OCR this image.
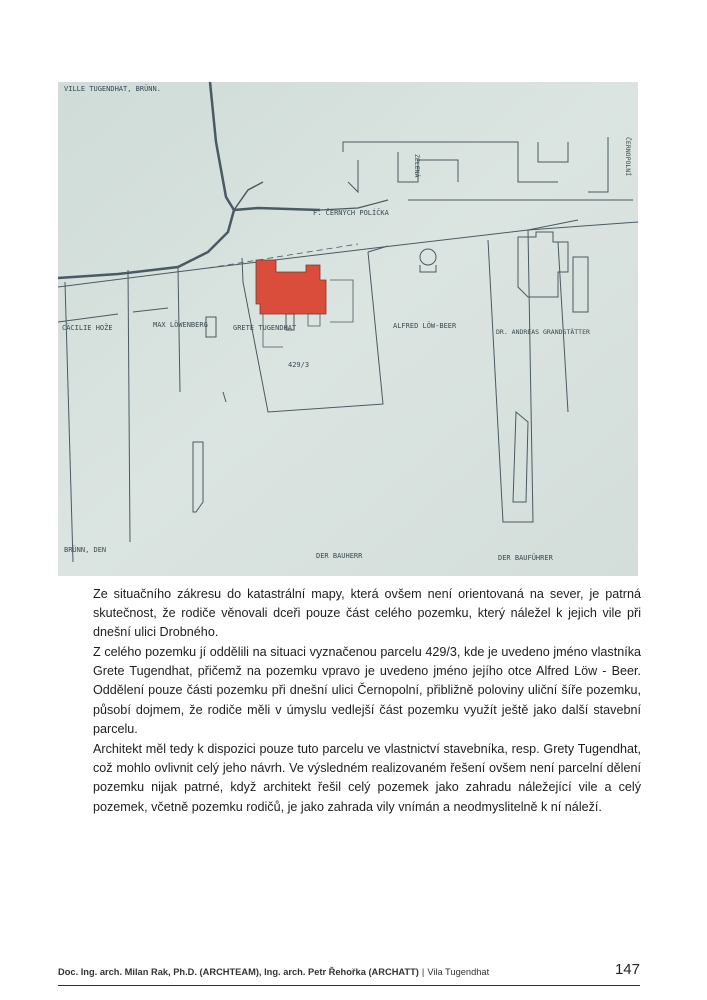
VILLE TUGENDHAT, BRÜNN.
F. ČERNÝCH POLÍČKA
CÄCILIE HOŽE	MAX LÖWENBERG	GRETE TUGENDHAT	ALFRED LÖW-BEER
DR. ANDREAS GRANDSTÄTTER
429/3
BRÜNN, DEN
DER BAUHERR	DER BAUFÜHRER
ČERNOPOLNÍ
ZELENÁ

Ze situačního zákresu do katastrální mapy, která ovšem není orientovaná na sever, je patrná skutečnost, že rodiče věnovali dceři pouze část celého pozemku, který náležel k jejich vile při dnešní ulici Drobného.

Z celého pozemku jí oddělili na situaci vyznačenou parcelu 429/3, kde je uvedeno jméno vlastníka Grete Tugendhat, přičemž na pozemku vpravo je uvedeno jméno jejího otce Alfred Löw - Beer. Oddělení pouze části pozemku při dnešní ulici Černopolní, přibližně poloviny uliční šíře pozemku, působí dojmem, že rodiče měli v úmyslu vedlejší část pozemku využít ještě jako další stavební parcelu.

Architekt měl tedy k dispozici pouze tuto parcelu ve vlastnictví stavebníka, resp. Grety Tugendhat, což mohlo ovlivnit celý jeho návrh. Ve výsledném realizovaném řešení ovšem není parcelní dělení pozemku nijak patrné, když architekt řešil celý pozemek jako zahradu náležející vile a celý pozemek, včetně pozemku rodičů, je jako zahrada vily vnímán a neodmyslitelně k ní náleží.

Doc. Ing. arch. Milan Rak, Ph.D. (ARCHTEAM), Ing. arch. Petr Řehořka (ARCHATT) | Vila Tugendhat	147
